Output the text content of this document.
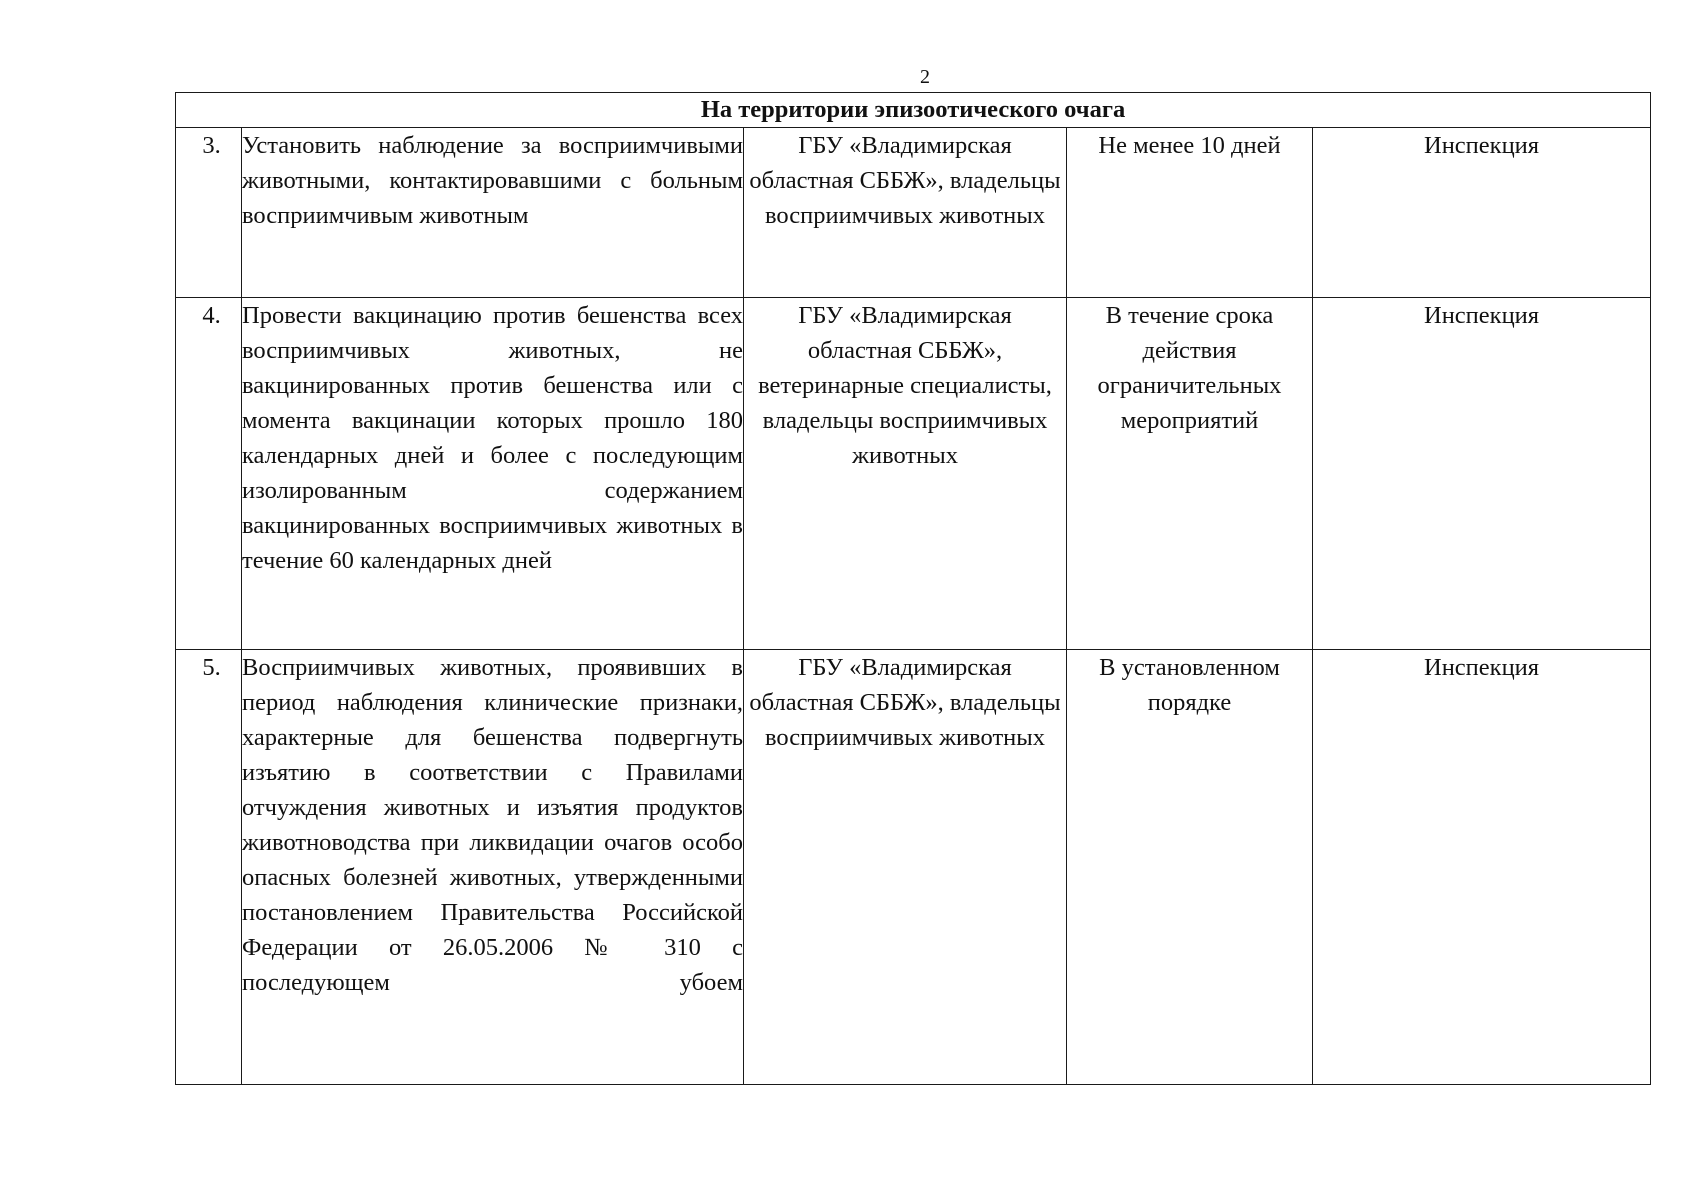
2
На территории эпизоотического очага				
3.	Установить наблюдение за восприимчивыми животными, контактировавшими с больным восприимчивым животным	ГБУ «Владимирская областная СББЖ», владельцы восприимчивых животных	Не менее 10 дней	Инспекция
4.	Провести вакцинацию против бешенства всех восприимчивых животных, не вакцинированных против бешенства или с момента вакцинации которых прошло 180 календарных дней и более с последующим изолированным содержанием вакцинированных восприимчивых животных в течение 60 календарных дней	ГБУ «Владимирская областная СББЖ», ветеринарные специалисты, владельцы восприимчивых животных	В течение срока действия ограничительных мероприятий	Инспекция
5.	Восприимчивых животных, проявивших в период наблюдения клинические признаки, характерные для бешенства подвергнуть изъятию в соответствии с Правилами отчуждения животных и изъятия продуктов животноводства при ликвидации очагов особо опасных болезней животных, утвержденными постановлением Правительства Российской Федерации от 26.05.2006 № 310 с последующем убоем	ГБУ «Владимирская областная СББЖ», владельцы восприимчивых животных	В установленном порядке	Инспекция
